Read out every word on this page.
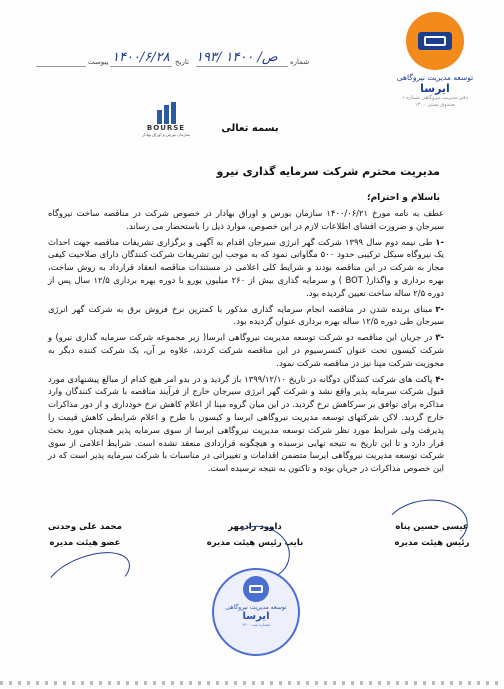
شماره
۱۹۳/ ۱۴۰۰ /ص
تاریخ
۱۴۰۰/۶/۲۸
پیوست
توسعه مدیریت نیروگاهی
ایرسا
دفتر مدیریت نیروگاهی شماره ۱
صندوق پستی ۱۴۰۰
BOURSE
سازمان بورس و اوراق بهادار
بسمه تعالی
مدیریت محترم شرکت سرمایه گذاری نیرو
باسلام و احترام؛

عطف به نامه مورخ ۱۴۰۰/۰۶/۲۱ سازمان بورس و اوراق بهادار در خصوص شرکت در مناقصه ساخت نیروگاه سیرجان و ضرورت افشای اطلاعات لازم در این خصوص، موارد ذیل را باستحضار می رساند.

-۱طی نیمه دوم سال ۱۳۹۹ شرکت گهر انرژی سیرجان اقدام به آگهی و برگزاری تشریفات مناقصه جهت احداث یک نیروگاه سیکل ترکیبی حدود ۵۰۰ مگاواتی نمود که به موجب این تشریفات شرکت کنندگان دارای صلاحیت کیفی مجاز به شرکت در این مناقصه بودند و شرایط کلی اعلامی در مستندات مناقصه انعقاد قرارداد به روش ساخت، بهره برداری و واگذار( BOT ) و سرمایه گذاری بیش از ۲۶۰ میلیون یورو با دوره بهره برداری ۱۲/۵ سال پس از دوره ۲/۵ ساله ساخت تعیین گردیده بود.

-۲مبنای برنده شدن در مناقصه انجام سرمایه گذاری مذکور با کمترین نرخ فروش برق به شرکت گهر انرژی سیرجان طی دوره ۱۲/۵ ساله بهره برداری عنوان گردیده بود.

-۳در جریان این مناقصه دو شرکت توسعه مدیریت نیروگاهی ایرسا( زیر مجموعه شرکت سرمایه گذاری نیرو) و شرکت کیسون تحت عنوان کنسرسیوم در این مناقصه شرکت کردند، علاوه بر آن، یک شرکت کننده دیگر به محوریت شرکت مپنا نیز در مناقصه شرکت نمود.

-۴پاکت های شرکت کنندگان دوگانه در تاریخ ۱۳۹۹/۱۲/۱۰ باز گردید و در بدو امر هیچ کدام از مبالغ پیشنهادی مورد قبول شرکت سرمایه پذیر واقع نشد و شرکت گهر انرژی سیرجان خارج از فرآیند مناقصه با شرکت کنندگان وارد مذاکره برای توافق بر سرکاهش نرخ گردید. در این میان گروه مپنا از اعلام کاهش نرخ خودداری و از دور مذاکرات خارج گردید. لاکن شرکتهای توسعه مدیریت نیروگاهی ایرسا و کیسون با طرح و اعلام شرایطی کاهش قیمت را پذیرفت ولی شرایط مورد نظر شرکت توسعه مدیریت نیروگاهی ایرسا از سوی سرمایه پذیر همچنان مورد بحث قرار دارد و تا این تاریخ به نتیجه نهایی نرسیده و هیچگونه قراردادی منعقد نشده است. شرایط اعلامی از سوی شرکت توسعه مدیریت نیروگاهی ایرسا متضمن اقدامات و تغییراتی در مناسبات با شرکت سرمایه پذیر است که در این خصوص مذاکرات در جریان بوده و تاکنون به نتیجه نرسیده است.

عیسی حسین پناه
رئیس هیئت مدیره
داوود رادمهر
نایب رئیس هیئت مدیره
محمد علی وحدتی
عضو هیئت مدیره
توسعه مدیریت نیروگاهی
ایرسا
۱۴۰۰ شماره ثبت
